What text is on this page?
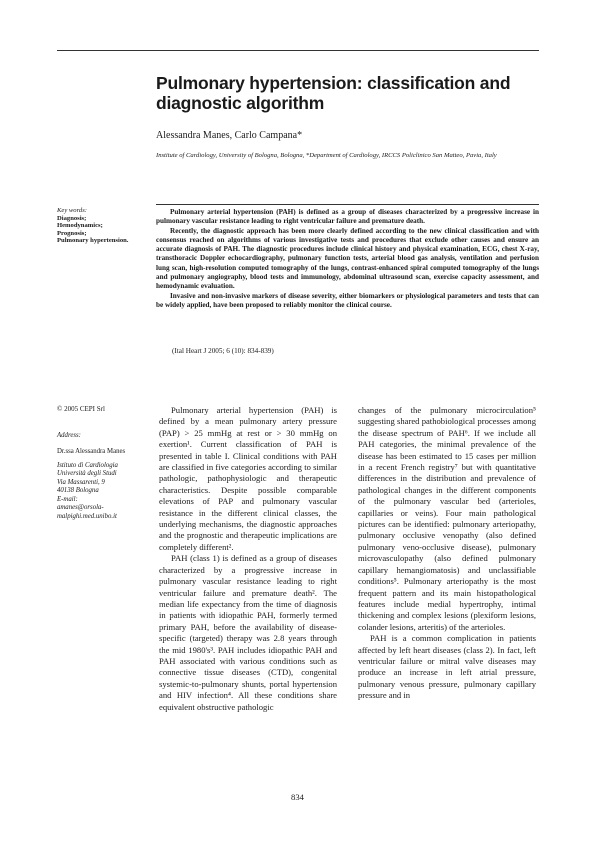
Pulmonary hypertension: classification and diagnostic algorithm
Alessandra Manes, Carlo Campana*
Institute of Cardiology, University of Bologna, Bologna, *Department of Cardiology, IRCCS Policlinico San Matteo, Pavia, Italy
Key words:
Diagnosis;
Hemodynamics;
Prognosis;
Pulmonary hypertension.

Pulmonary arterial hypertension (PAH) is defined as a group of diseases characterized by a progressive increase in pulmonary vascular resistance leading to right ventricular failure and premature death.

Recently, the diagnostic approach has been more clearly defined according to the new clinical classification and with consensus reached on algorithms of various investigative tests and procedures that exclude other causes and ensure an accurate diagnosis of PAH. The diagnostic procedures include clinical history and physical examination, ECG, chest X-ray, transthoracic Doppler echocardiography, pulmonary function tests, arterial blood gas analysis, ventilation and perfusion lung scan, high-resolution computed tomography of the lungs, contrast-enhanced spiral computed tomography of the lungs and pulmonary angiography, blood tests and immunology, abdominal ultrasound scan, exercise capacity assessment, and hemodynamic evaluation.

Invasive and non-invasive markers of disease severity, either biomarkers or physiological parameters and tests that can be widely applied, have been proposed to reliably monitor the clinical course.

(Ital Heart J 2005; 6 (10): 834-839)
© 2005 CEPI Srl
Address:
Dr.ssa Alessandra Manes
Istituto di Cardiologia
Università degli Studi
Via Massarenti, 9
40138 Bologna
E-mail:
amanes@orsola-
malpighi.med.unibo.it

Pulmonary arterial hypertension (PAH) is defined by a mean pulmonary artery pressure (PAP) > 25 mmHg at rest or > 30 mmHg on exertion¹. Current classification of PAH is presented in table I. Clinical conditions with PAH are classified in five categories according to similar pathologic, pathophysiologic and therapeutic characteristics. Despite possible comparable elevations of PAP and pulmonary vascular resistance in the different clinical classes, the underlying mechanisms, the diagnostic approaches and the prognostic and therapeutic implications are completely different².

PAH (class 1) is defined as a group of diseases characterized by a progressive increase in pulmonary vascular resistance leading to right ventricular failure and premature death². The median life expectancy from the time of diagnosis in patients with idiopathic PAH, formerly termed primary PAH, before the availability of disease-specific (targeted) therapy was 2.8 years through the mid 1980's³. PAH includes idiopathic PAH and PAH associated with various conditions such as connective tissue diseases (CTD), congenital systemic-to-pulmonary shunts, portal hypertension and HIV infection⁴. All these conditions share equivalent obstructive pathologic

changes of the pulmonary microcirculation⁵ suggesting shared pathobiological processes among the disease spectrum of PAH⁶. If we include all PAH categories, the minimal prevalence of the disease has been estimated to 15 cases per million in a recent French registry⁷ but with quantitative differences in the distribution and prevalence of pathological changes in the different components of the pulmonary vascular bed (arterioles, capillaries or veins). Four main pathological pictures can be identified: pulmonary arteriopathy, pulmonary occlusive venopathy (also defined pulmonary veno-occlusive disease), pulmonary microvasculopathy (also defined pulmonary capillary hemangiomatosis) and unclassifiable conditions⁵. Pulmonary arteriopathy is the most frequent pattern and its main histopathological features include medial hypertrophy, intimal thickening and complex lesions (plexiform lesions, colander lesions, arteritis) of the arterioles.

PAH is a common complication in patients affected by left heart diseases (class 2). In fact, left ventricular failure or mitral valve diseases may produce an increase in left atrial pressure, pulmonary venous pressure, pulmonary capillary pressure and in

834
